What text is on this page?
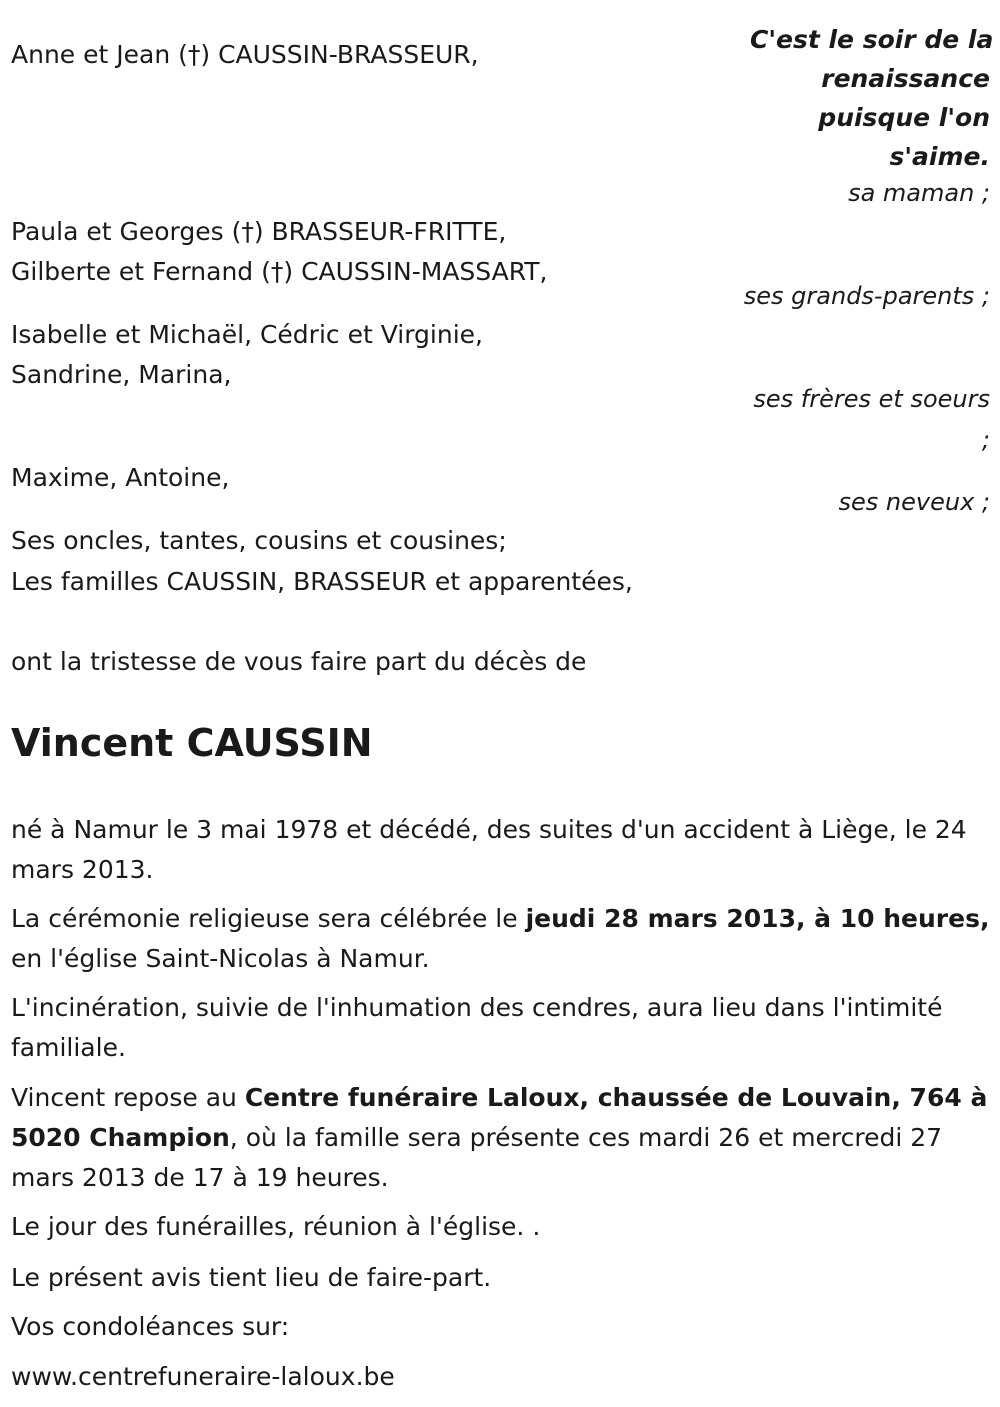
C'est le soir de la
renaissance
puisque l'on
s'aime.
Anne et Jean (†) CAUSSIN-BRASSEUR,
sa maman ;
Paula et Georges (†) BRASSEUR-FRITTE,
Gilberte et Fernand (†) CAUSSIN-MASSART,
ses grands-parents ;
Isabelle et Michaël, Cédric et Virginie,
Sandrine, Marina,
ses frères et soeurs
;
Maxime, Antoine,
ses neveux ;
Ses oncles, tantes, cousins et cousines;
Les familles CAUSSIN, BRASSEUR et apparentées,
ont la tristesse de vous faire part du décès de
Vincent CAUSSIN
né à Namur le 3 mai 1978 et décédé, des suites d'un accident à Liège, le 24 mars 2013.
La cérémonie religieuse sera célébrée le jeudi 28 mars 2013, à 10 heures, en l'église Saint-Nicolas à Namur.
L'incinération, suivie de l'inhumation des cendres, aura lieu dans l'intimité familiale.
Vincent repose au Centre funéraire Laloux, chaussée de Louvain, 764 à 5020 Champion, où la famille sera présente ces mardi 26 et mercredi 27 mars 2013 de 17 à 19 heures.
Le jour des funérailles, réunion à l'église. .
Le présent avis tient lieu de faire-part.
Vos condoléances sur:
www.centrefuneraire-laloux.be
